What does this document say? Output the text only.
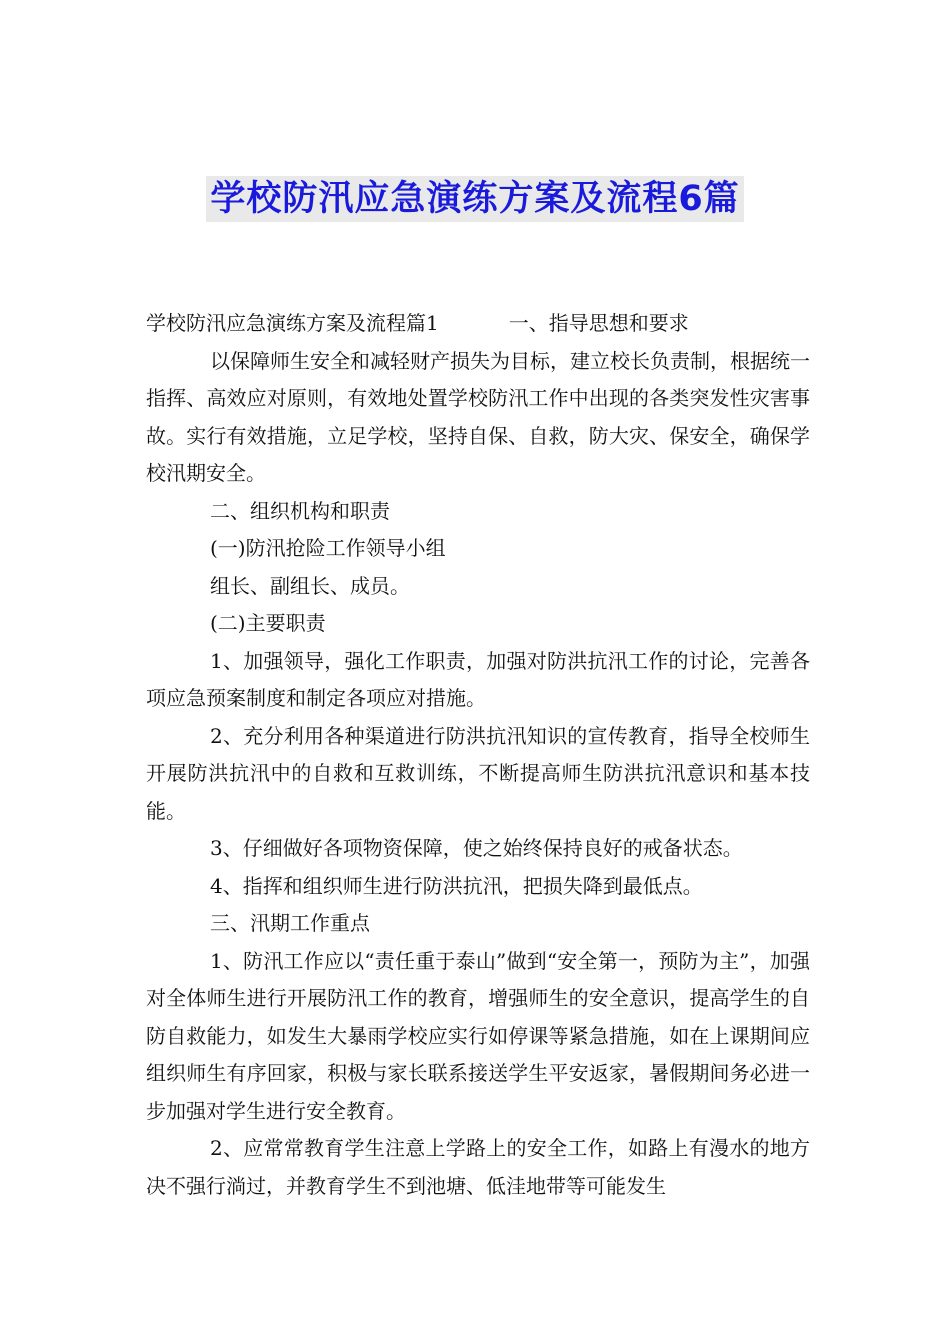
学校防汛应急演练方案及流程6篇

学校防汛应急演练方案及流程篇1	一、指导思想和要求

以保障师生安全和减轻财产损失为目标，建立校长负责制，根据统一指挥、高效应对原则，有效地处置学校防汛工作中出现的各类突发性灾害事故。实行有效措施，立足学校，坚持自保、自救，防大灾、保安全，确保学校汛期安全。

二、组织机构和职责

(一)防汛抢险工作领导小组

组长、副组长、成员。

(二)主要职责

1、加强领导，强化工作职责，加强对防洪抗汛工作的讨论，完善各项应急预案制度和制定各项应对措施。

2、充分利用各种渠道进行防洪抗汛知识的宣传教育，指导全校师生开展防洪抗汛中的自救和互救训练，不断提高师生防洪抗汛意识和基本技能。

3、仔细做好各项物资保障，使之始终保持良好的戒备状态。

4、指挥和组织师生进行防洪抗汛，把损失降到最低点。

三、汛期工作重点

1、防汛工作应以“责任重于泰山”做到“安全第一，预防为主”，加强对全体师生进行开展防汛工作的教育，增强师生的安全意识，提高学生的自防自救能力，如发生大暴雨学校应实行如停课等紧急措施，如在上课期间应组织师生有序回家，积极与家长联系接送学生平安返家，暑假期间务必进一步加强对学生进行安全教育。

2、应常常教育学生注意上学路上的安全工作，如路上有漫水的地方决不强行淌过，并教育学生不到池塘、低洼地带等可能发生
